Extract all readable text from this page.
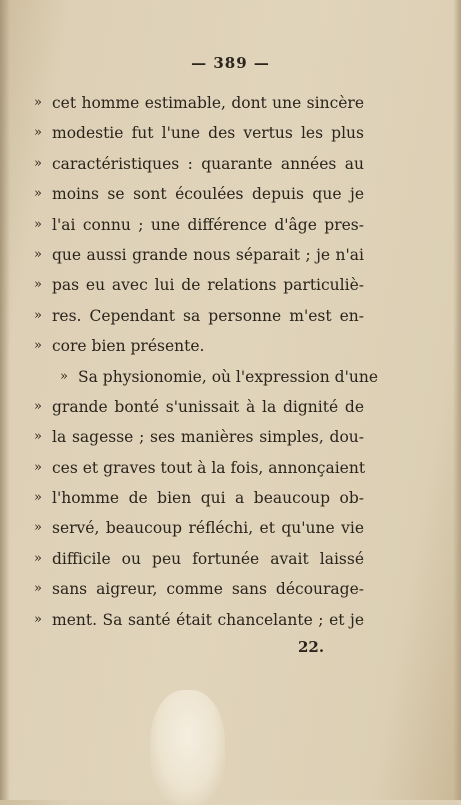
— 389 —
» cet homme estimable, dont une sincère
» modestie fut l'une des vertus les plus
» caractéristiques : quarante années au
» moins se sont écoulées depuis que je
» l'ai connu ; une différence d'âge pres-
» que aussi grande nous séparait ; je n'ai
» pas eu avec lui de relations particuliè-
» res. Cependant sa personne m'est en-
» core bien présente.
» Sa physionomie, où l'expression d'une
» grande bonté s'unissait à la dignité de
» la sagesse ; ses manières simples, dou-
» ces et graves tout à la fois, annonçaient
» l'homme de bien qui a beaucoup ob-
» servé, beaucoup réfléchi, et qu'une vie
» difficile ou peu fortunée avait laissé
» sans aigreur, comme sans décourage-
» ment. Sa santé était chancelante ; et je
22.
